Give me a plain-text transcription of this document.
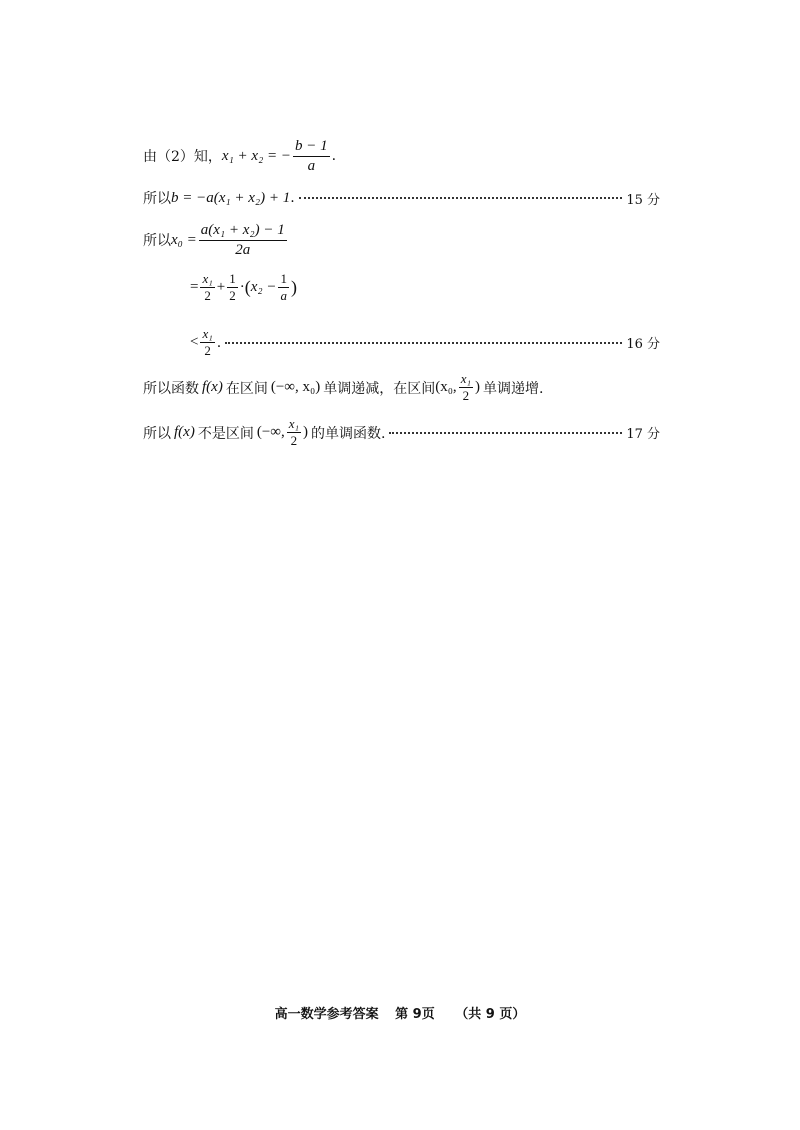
由（2）知， x₁ + x₂ = − $\frac{b - 1}{a}$ .
所以 b = −a(x₁ + x₂) + 1 .	15 分
所以 $x_0 = \frac{\text{a(x₁ + x₂) − 1}}{2a}$
= $\frac{\text{x₁}}{2} + \frac{1}{2}$ · ( $x_2 - \frac{1}{a}$ )
< $\frac{\text{x₁}}{2}$ .	16 分
所以函数 f(x) 在区间 (−∞, x₀) 单调递减，在区间 (x₀, $\frac{\text{x₁}}{2}$ ) 单调递增.
所以 f(x) 不是区间 (−∞, $\frac{\text{x₁}}{2}$ ) 的单调函数.	17 分
高一数学参考答案 第 9页 （共 9 页）
